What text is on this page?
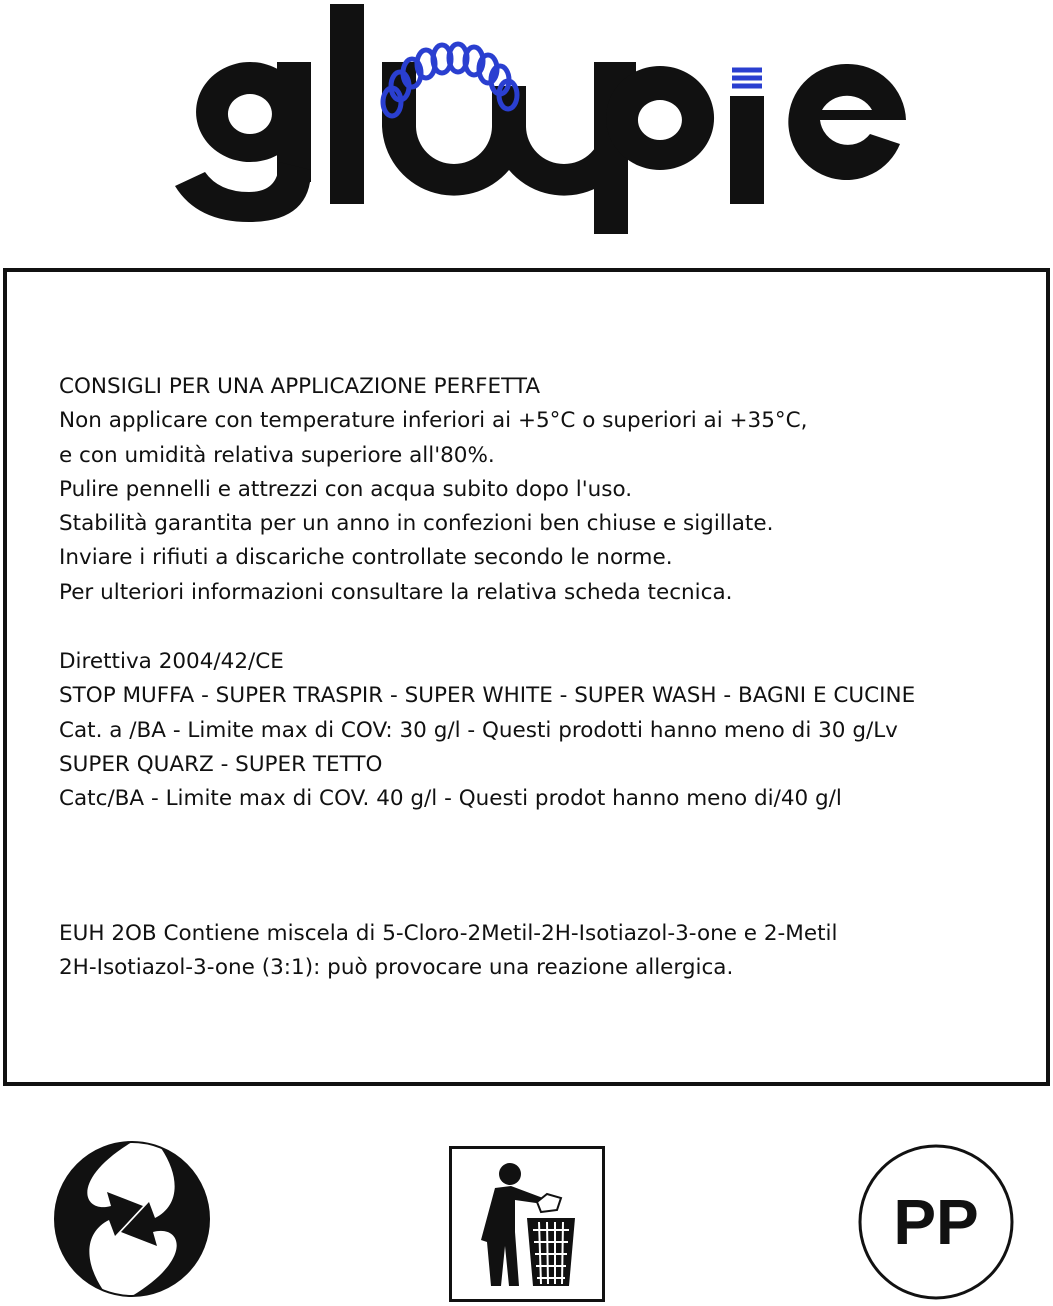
CONSIGLI PER UNA APPLICAZIONE PERFETTA
Non applicare con temperature inferiori ai +5°C o superiori ai +35°C,
e con umidità relativa superiore all'80%.
Pulire pennelli e attrezzi con acqua subito dopo l'uso.
Stabilità garantita per un anno in confezioni ben chiuse e sigillate.
Inviare i rifiuti a discariche controllate secondo le norme.
Per ulteriori informazioni consultare la relativa scheda tecnica.
Direttiva 2004/42/CE
STOP MUFFA - SUPER TRASPIR - SUPER WHITE - SUPER WASH - BAGNI E CUCINE
Cat. a /BA - Limite max di COV: 30 g/l - Questi prodotti hanno meno di 30 g/Lv
SUPER QUARZ - SUPER TETTO
Catc/BA - Limite max di COV. 40 g/l - Questi prodot hanno meno di/40 g/l
EUH 2OB Contiene miscela di 5-Cloro-2Metil-2H-Isotiazol-3-one e 2-Metil
2H-Isotiazol-3-one (3:1): può provocare una reazione allergica.
PP
